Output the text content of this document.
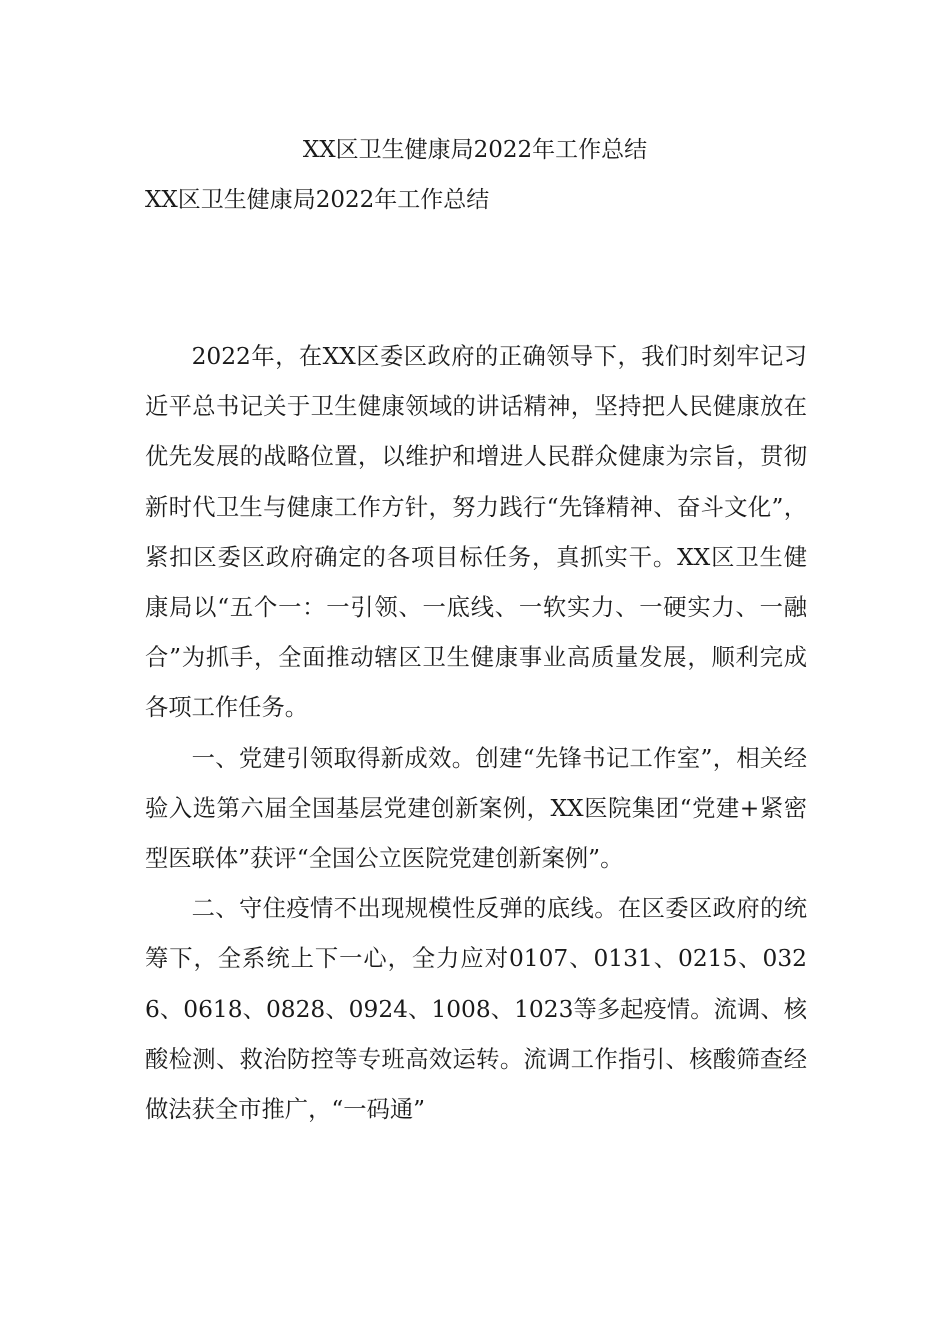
XX区卫生健康局2022年工作总结
XX区卫生健康局2022年工作总结

2022年，在XX区委区政府的正确领导下，我们时刻牢记习近平总书记关于卫生健康领域的讲话精神，坚持把人民健康放在优先发展的战略位置，以维护和增进人民群众健康为宗旨，贯彻新时代卫生与健康工作方针，努力践行“先锋精神、奋斗文化”，紧扣区委区政府确定的各项目标任务，真抓实干。XX区卫生健康局以“五个一：一引领、一底线、一软实力、一硬实力、一融合”为抓手，全面推动辖区卫生健康事业高质量发展，顺利完成各项工作任务。

一、党建引领取得新成效。创建“先锋书记工作室”，相关经验入选第六届全国基层党建创新案例，XX医院集团“党建+紧密型医联体”获评“全国公立医院党建创新案例”。

二、守住疫情不出现规模性反弹的底线。在区委区政府的统筹下，全系统上下一心，全力应对0107、0131、0215、0326、0618、0828、0924、1008、1023等多起疫情。流调、核酸检测、救治防控等专班高效运转。流调工作指引、核酸筛查经做法获全市推广，“一码通”
